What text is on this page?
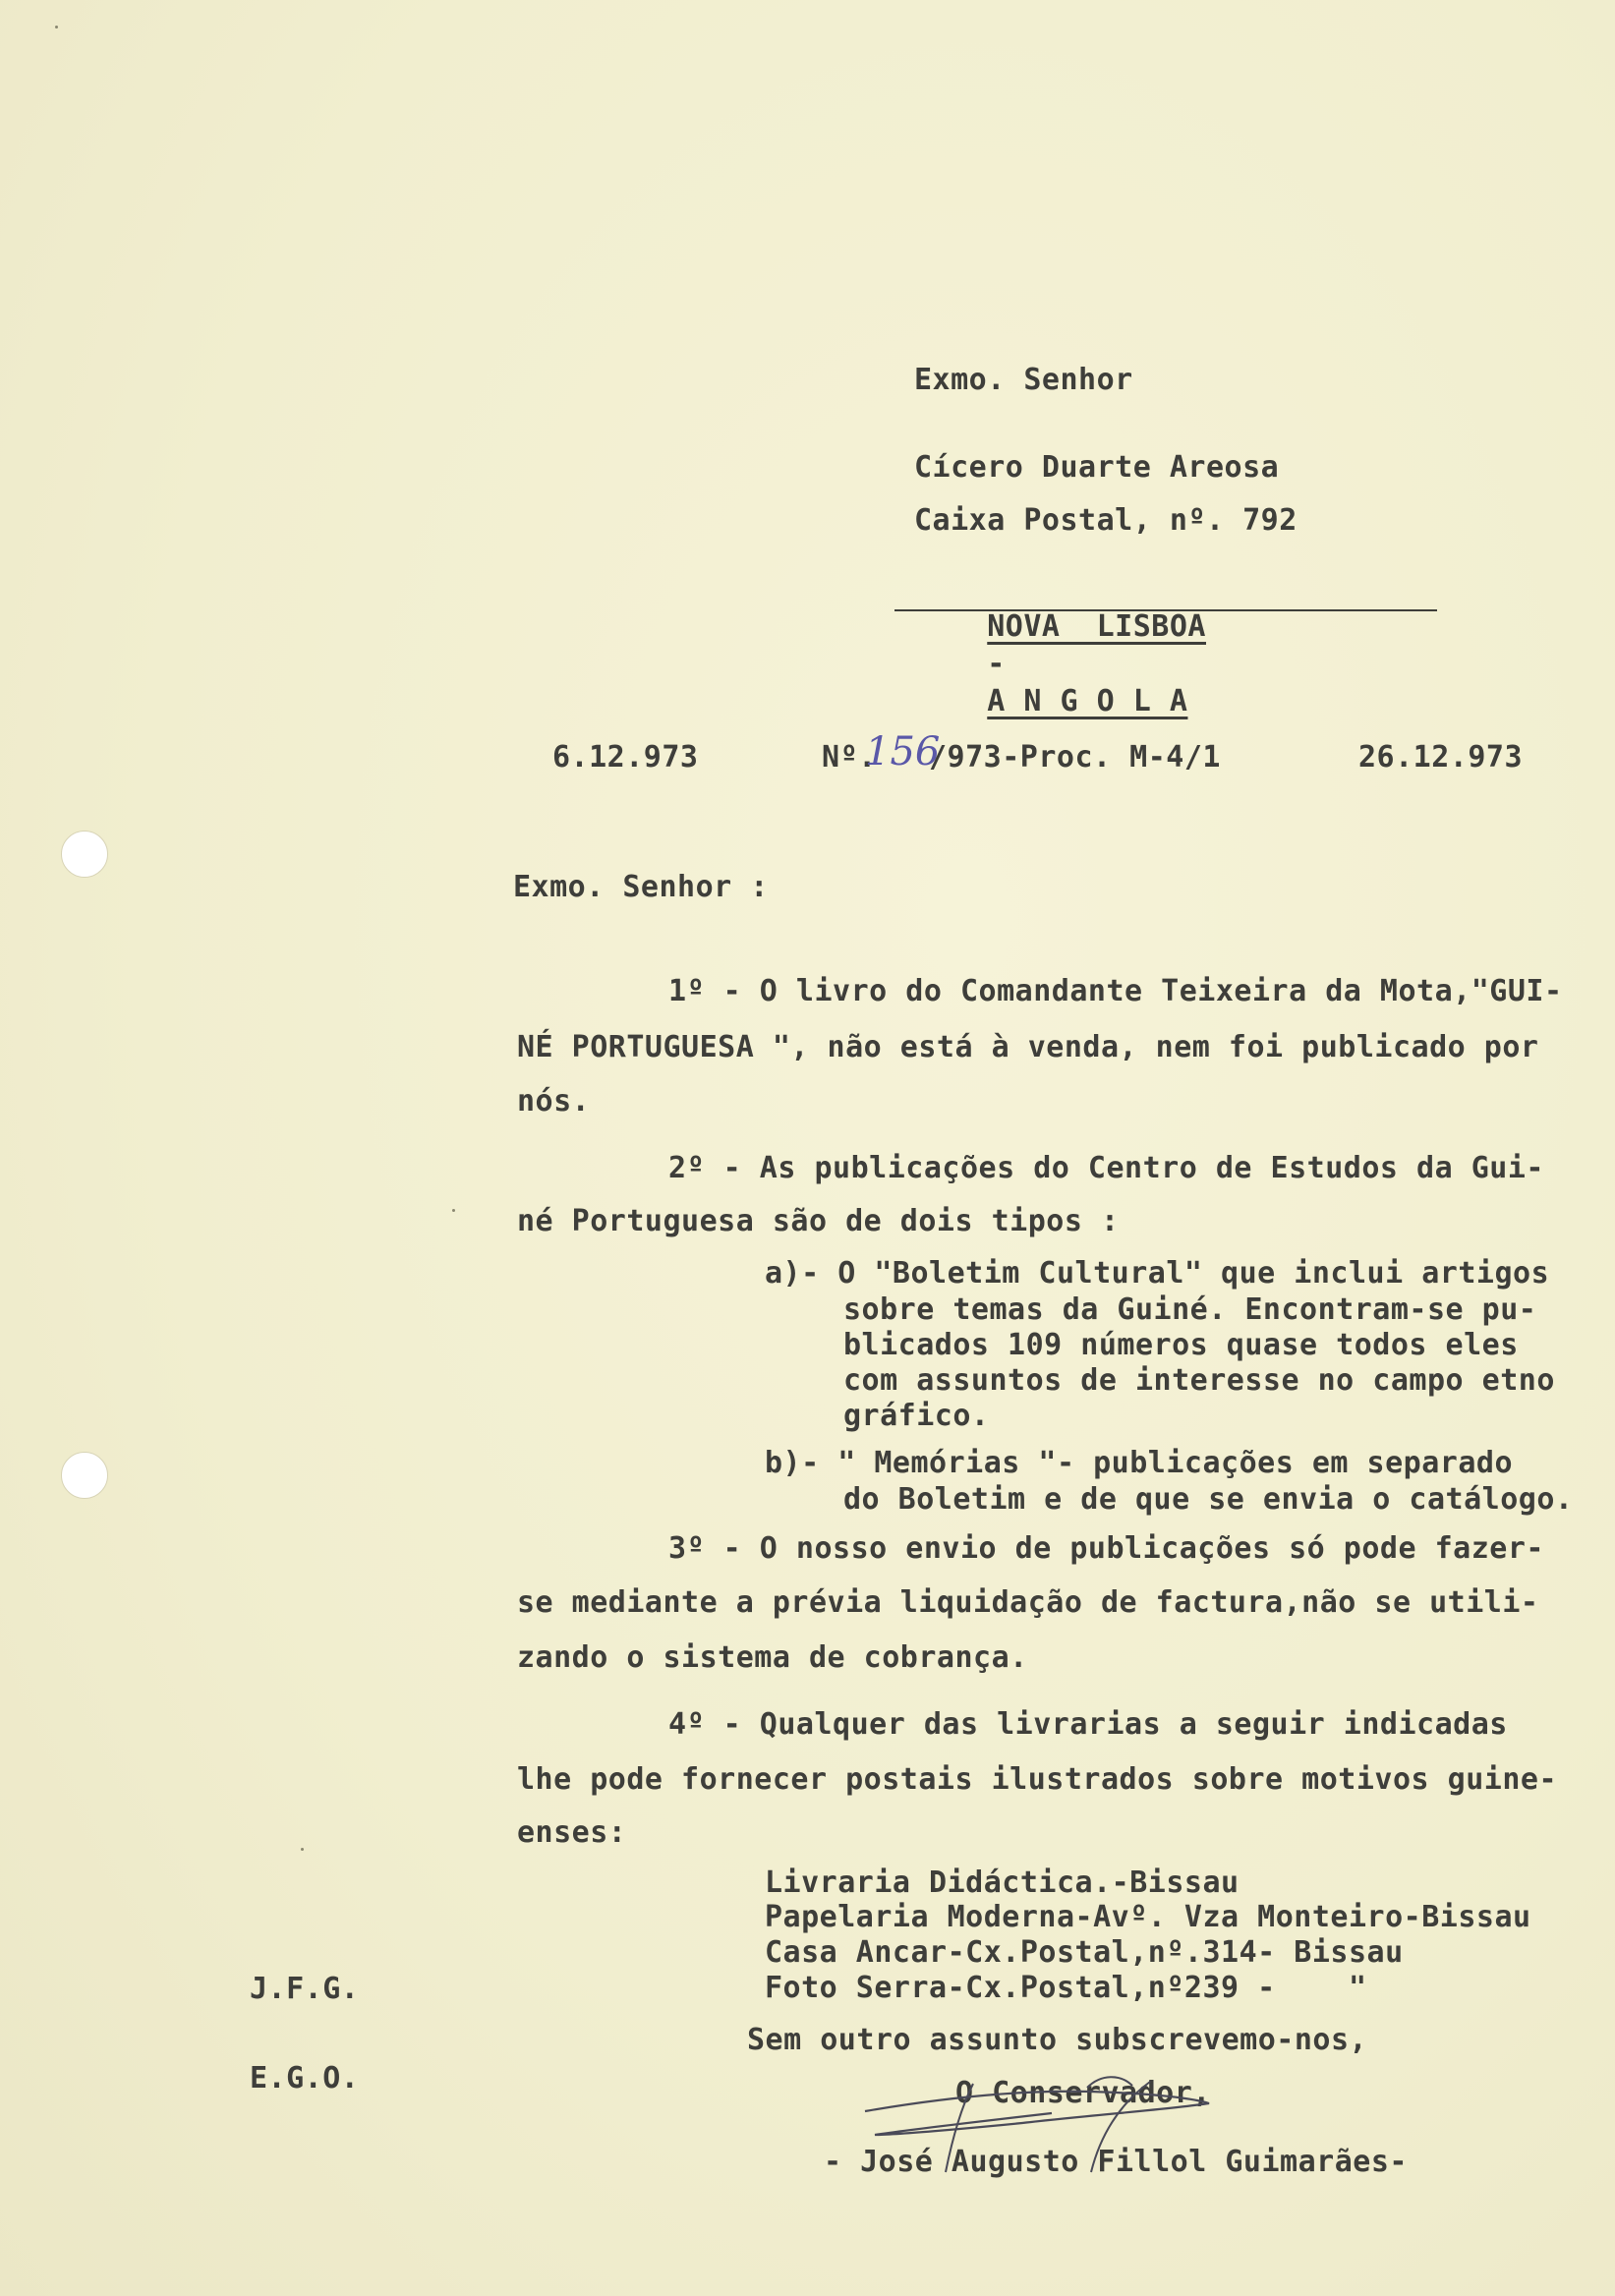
Exmo. Senhor
Cícero Duarte Areosa
Caixa Postal, nº. 792

NOVA  LISBOA
-
A N G O L A

6.12.973	Nº.
156
/973-Proc. M-4/1	26.12.973
Exmo. Senhor :
1º - O livro do Comandante Teixeira da Mota,"GUI-
NÉ PORTUGUESA ", não está à venda, nem foi publicado por
nós.
2º - As publicações do Centro de Estudos da Gui-
né Portuguesa são de dois tipos :
a)- O "Boletim Cultural" que inclui artigos
sobre temas da Guiné. Encontram-se pu-
blicados 109 números quase todos eles
com assuntos de interesse no campo etno
gráfico.
b)- " Memórias "- publicações em separado
do Boletim e de que se envia o catálogo.
3º - O nosso envio de publicações só pode fazer-
se mediante a prévia liquidação de factura,não se utili-
zando o sistema de cobrança.
4º - Qualquer das livrarias a seguir indicadas
lhe pode fornecer postais ilustrados sobre motivos guine-
enses:
Livraria Didáctica.-Bissau
Papelaria Moderna-Avº. Vza Monteiro-Bissau
Casa Ancar-Cx.Postal,nº.314- Bissau
Foto Serra-Cx.Postal,nº239 -    "
J.F.G.
E.G.O.
Sem outro assunto subscrevemo-nos,
O Conservador,
- José Augusto Fillol Guimarães-
